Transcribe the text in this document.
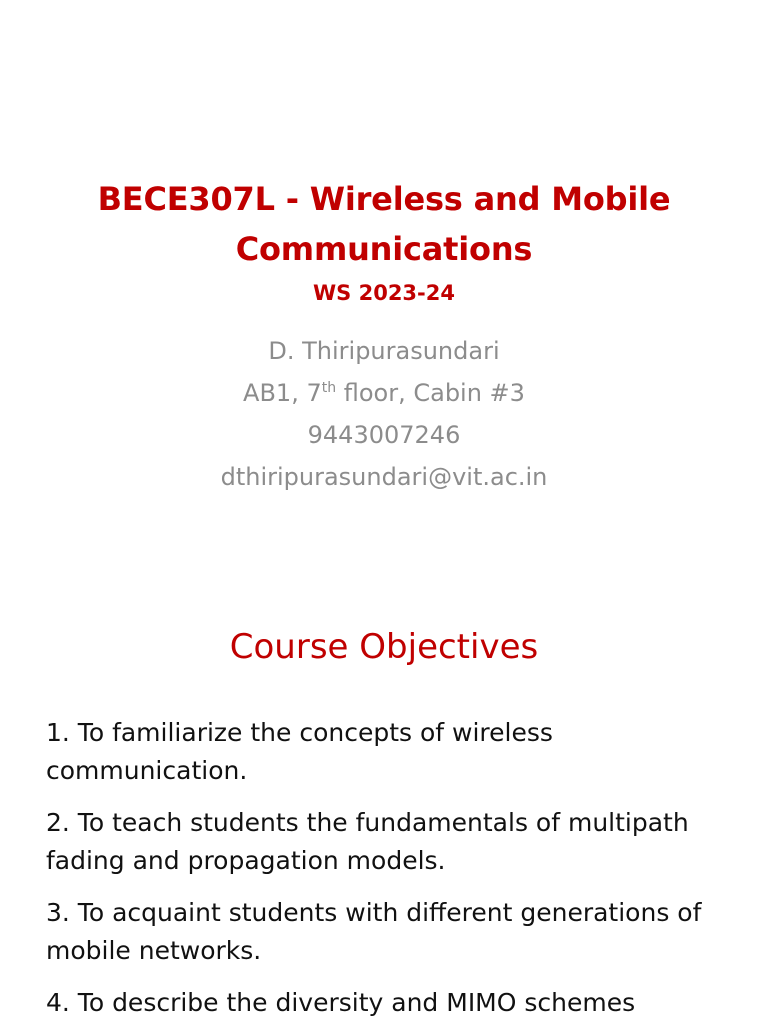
BECE307L - Wireless and Mobile
Communications
WS 2023-24
D. Thiripurasundari
AB1, 7th floor, Cabin #3
9443007246
dthiripurasundari@vit.ac.in
Course Objectives
1. To familiarize the concepts of wireless communication.
2. To teach students the fundamentals of multipath fading and propagation models.
3. To acquaint students with different generations of mobile networks.
4. To describe the diversity and MIMO schemes
